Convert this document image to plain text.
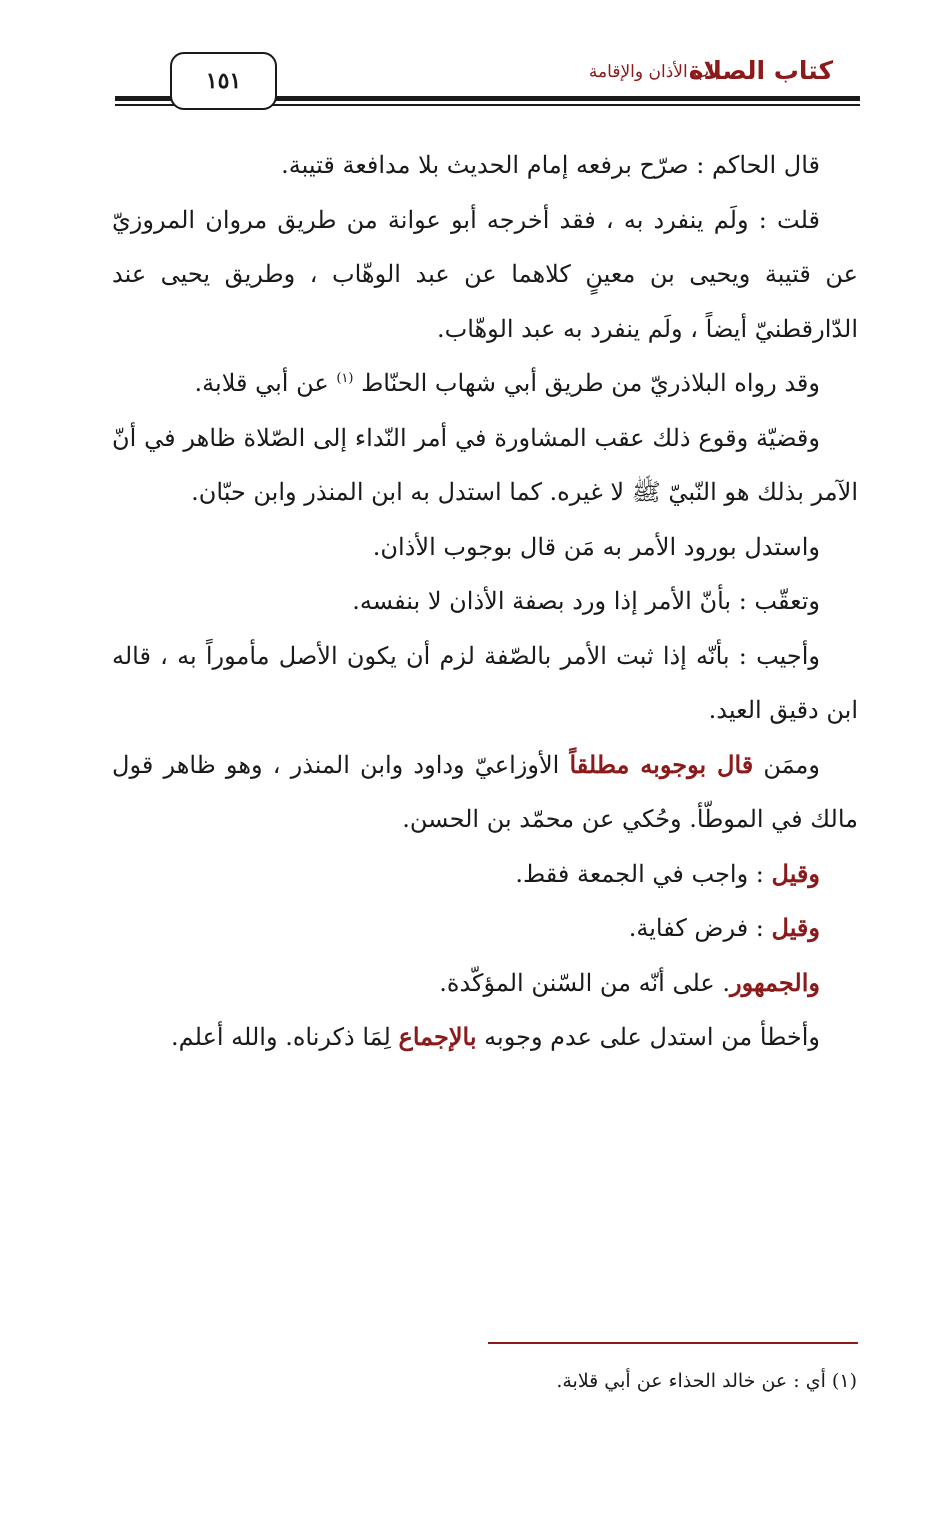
كتاب الصلاة
باب الأذان والإقامة
١٥١

قال الحاكم : صرّح برفعه إمام الحديث بلا مدافعة قتيبة.

قلت : ولَم ينفرد به ، فقد أخرجه أبو عوانة من طريق مروان المروزيّ عن قتيبة ويحيى بن معينٍ كلاهما عن عبد الوهّاب ، وطريق يحيى عند الدّارقطنيّ أيضاً ، ولَم ينفرد به عبد الوهّاب.

وقد رواه البلاذريّ من طريق أبي شهاب الحنّاط $^{(١)}$ عن أبي قلابة.

وقضيّة وقوع ذلك عقب المشاورة في أمر النّداء إلى الصّلاة ظاهر في أنّ الآمر بذلك هو النّبيّ ﷺ لا غيره. كما استدل به ابن المنذر وابن حبّان.

واستدل بورود الأمر به مَن قال بوجوب الأذان.

وتعقّب : بأنّ الأمر إذا ورد بصفة الأذان لا بنفسه.

وأجيب : بأنّه إذا ثبت الأمر بالصّفة لزم أن يكون الأصل مأموراً به ، قاله ابن دقيق العيد.

وممَن قال بوجوبه مطلقاً الأوزاعيّ وداود وابن المنذر ، وهو ظاهر قول مالك في الموطّأ. وحُكي عن محمّد بن الحسن.

وقيل : واجب في الجمعة فقط.

وقيل : فرض كفاية.

والجمهور. على أنّه من السّنن المؤكّدة.

وأخطأ من استدل على عدم وجوبه بالإجماع لِمَا ذكرناه. والله أعلم.

(١) أي : عن خالد الحذاء عن أبي قلابة.
